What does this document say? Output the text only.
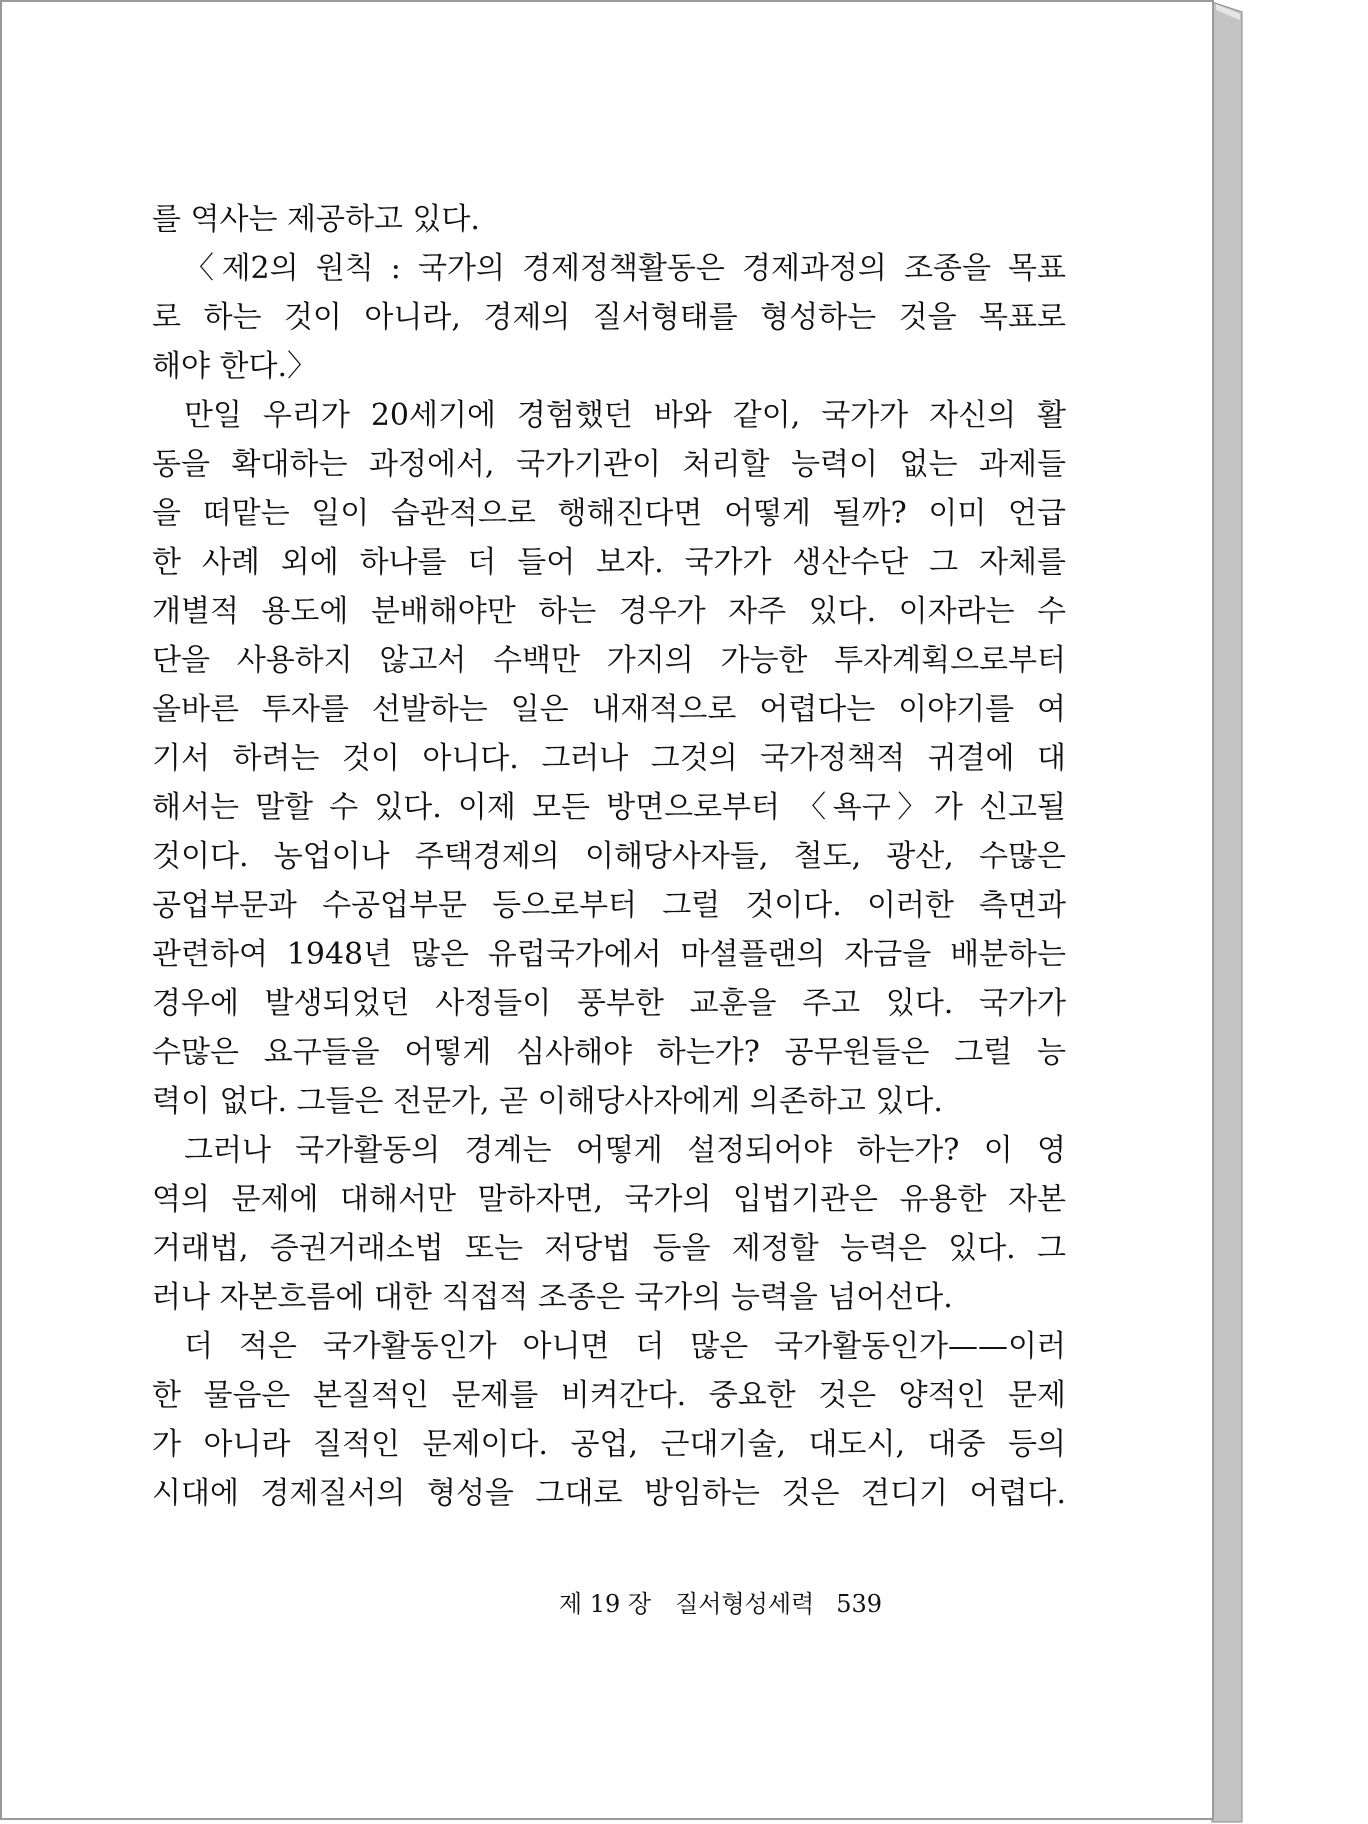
를 역사는 제공하고 있다.
〈제2의 원칙 : 국가의 경제정책활동은 경제과정의 조종을 목표
로 하는 것이 아니라, 경제의 질서형태를 형성하는 것을 목표로
해야 한다.〉
만일 우리가 20세기에 경험했던 바와 같이, 국가가 자신의 활
동을 확대하는 과정에서, 국가기관이 처리할 능력이 없는 과제들
을 떠맡는 일이 습관적으로 행해진다면 어떻게 될까? 이미 언급
한 사례 외에 하나를 더 들어 보자. 국가가 생산수단 그 자체를
개별적 용도에 분배해야만 하는 경우가 자주 있다. 이자라는 수
단을 사용하지 않고서 수백만 가지의 가능한 투자계획으로부터
올바른 투자를 선발하는 일은 내재적으로 어렵다는 이야기를 여
기서 하려는 것이 아니다. 그러나 그것의 국가정책적 귀결에 대
해서는 말할 수 있다. 이제 모든 방면으로부터 〈욕구〉가 신고될
것이다. 농업이나 주택경제의 이해당사자들, 철도, 광산, 수많은
공업부문과 수공업부문 등으로부터 그럴 것이다. 이러한 측면과
관련하여 1948년 많은 유럽국가에서 마셜플랜의 자금을 배분하는
경우에 발생되었던 사정들이 풍부한 교훈을 주고 있다. 국가가
수많은 요구들을 어떻게 심사해야 하는가? 공무원들은 그럴 능
력이 없다. 그들은 전문가, 곧 이해당사자에게 의존하고 있다.
그러나 국가활동의 경계는 어떻게 설정되어야 하는가? 이 영
역의 문제에 대해서만 말하자면, 국가의 입법기관은 유용한 자본
거래법, 증권거래소법 또는 저당법 등을 제정할 능력은 있다. 그
러나 자본흐름에 대한 직접적 조종은 국가의 능력을 넘어선다.
더 적은 국가활동인가 아니면 더 많은 국가활동인가——이러
한 물음은 본질적인 문제를 비켜간다. 중요한 것은 양적인 문제
가 아니라 질적인 문제이다. 공업, 근대기술, 대도시, 대중 등의
시대에 경제질서의 형성을 그대로 방임하는 것은 견디기 어렵다.
제 19 장 질서형성세력 539
